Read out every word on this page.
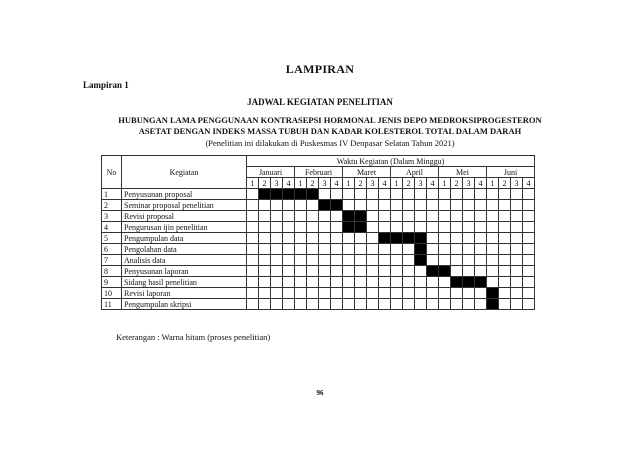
LAMPIRAN
Lampiran 1
JADWAL KEGIATAN PENELITIAN
HUBUNGAN LAMA PENGGUNAAN KONTRASEPSI HORMONAL JENIS DEPO MEDROKSIPROGESTERON
ASETAT DENGAN INDEKS MASSA TUBUH DAN KADAR KOLESTEROL TOTAL DALAM DARAH
(Penelitian ini dilakukan di Puskesmas IV Denpasar Selatan Tahun 2021)
No	Kegiatan	Waktu Kegiatan (Dalam Minggu)																							
		Januari				Februari				Maret				April				Mei				Juni			
		1	2	3	4	1	2	3	4	1	2	3	4	1	2	3	4	1	2	3	4	1	2	3	4
1	Penyusunan proposal																								
2	Seminar proposal penelitian																								
3	Revisi proposal																								
4	Pengurusan ijin penelitian																								
5	Pengumpulan data																								
6	Pengolahan data																								
7	Analisis data																								
8	Penyusunan laporan																								
9	Sidang hasil penelitian																								
10	Revisi laporan																								
11	Pengumpulan skripsi																								
Keterangan : Warna hitam (proses penelitian)
96
